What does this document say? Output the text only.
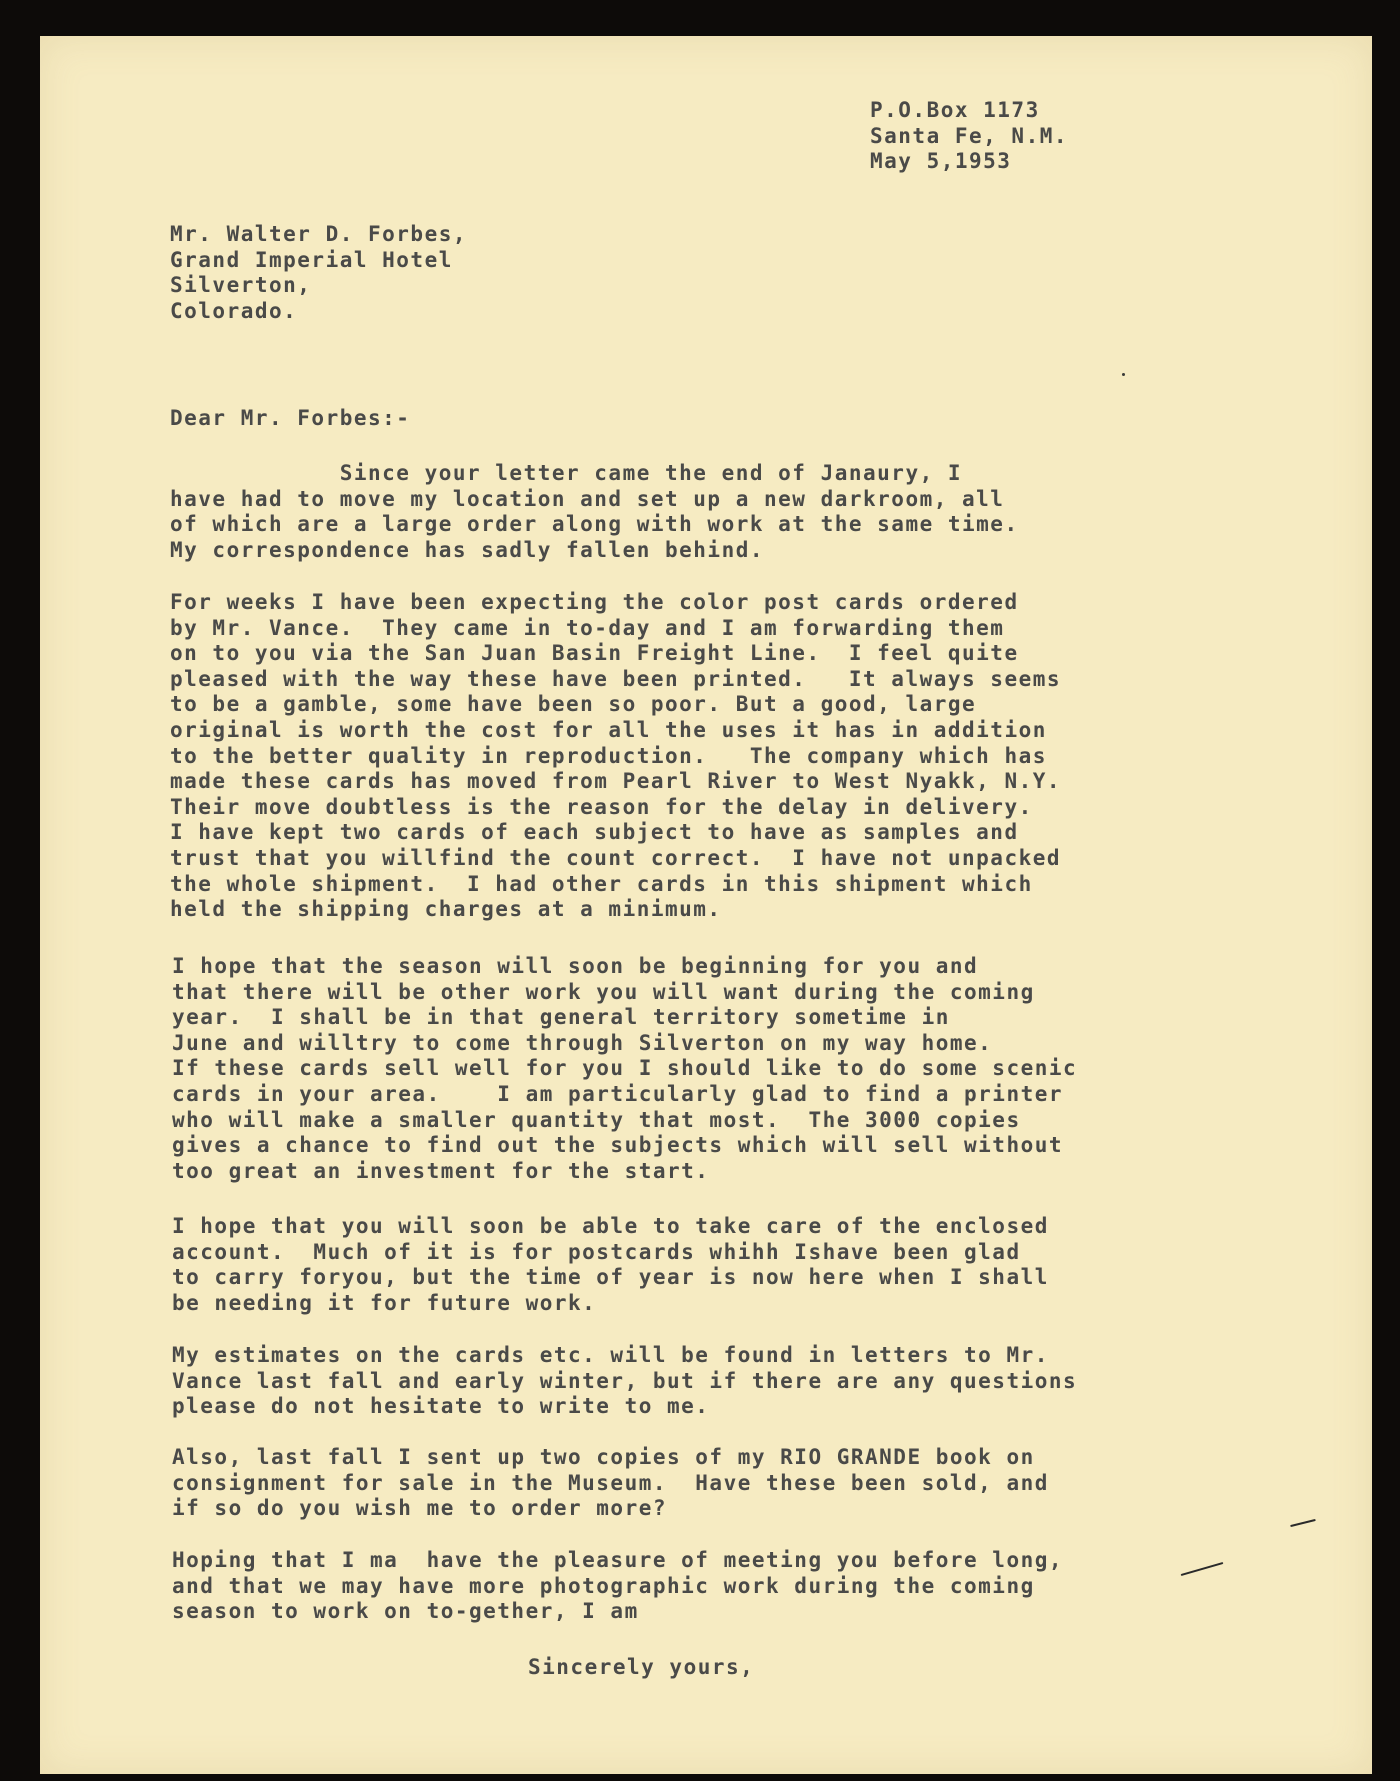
P.O.Box 1173
Santa Fe, N.M.
May 5,1953
Mr. Walter D. Forbes,
Grand Imperial Hotel
Silverton,
Colorado.
Dear Mr. Forbes:-
Since your letter came the end of Janaury, I
have had to move my location and set up a new darkroom, all
of which are a large order along with work at the same time.
My correspondence has sadly fallen behind.
For weeks I have been expecting the color post cards ordered
by Mr. Vance.  They came in to-day and I am forwarding them
on to you via the San Juan Basin Freight Line.  I feel quite
pleased with the way these have been printed.   It always seems
to be a gamble, some have been so poor. But a good, large
original is worth the cost for all the uses it has in addition
to the better quality in reproduction.   The company which has
made these cards has moved from Pearl River to West Nyakk, N.Y.
Their move doubtless is the reason for the delay in delivery.
I have kept two cards of each subject to have as samples and
trust that you willfind the count correct.  I have not unpacked
the whole shipment.  I had other cards in this shipment which
held the shipping charges at a minimum.
I hope that the season will soon be beginning for you and
that there will be other work you will want during the coming
year.  I shall be in that general territory sometime in
June and willtry to come through Silverton on my way home.
If these cards sell well for you I should like to do some scenic
cards in your area.    I am particularly glad to find a printer
who will make a smaller quantity that most.  The 3000 copies
gives a chance to find out the subjects which will sell without
too great an investment for the start.
I hope that you will soon be able to take care of the enclosed
account.  Much of it is for postcards whihh Ishave been glad
to carry foryou, but the time of year is now here when I shall
be needing it for future work.
My estimates on the cards etc. will be found in letters to Mr.
Vance last fall and early winter, but if there are any questions
please do not hesitate to write to me.
Also, last fall I sent up two copies of my RIO GRANDE book on
consignment for sale in the Museum.  Have these been sold, and
if so do you wish me to order more?
Hoping that I ma  have the pleasure of meeting you before long,
and that we may have more photographic work during the coming
season to work on to-gether, I am
Sincerely yours,
